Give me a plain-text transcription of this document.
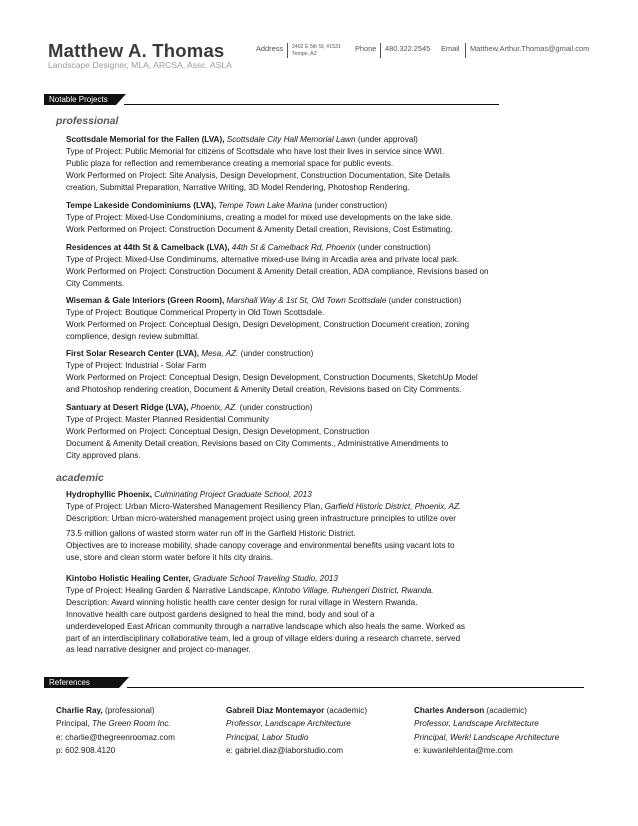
Matthew A. Thomas
Landscape Designer, MLA, ARCSA, Assc. ASLA
Address 2402 E 5th St, #1531
Tempe, AZ
Phone 480.322.2545 Email Matthew.Arthur.Thomas@gmail.com
Notable Projects
professional
Scottsdale Memorial for the Fallen (LVA), Scottsdale City Hall Memorial Lawn (under approval)
Type of Project: Public Memorial for citizens of Scottsdale who have lost their lives in service since WWI.
Public plaza for reflection and rememberance creating a memorial space for public events.
Work Performed on Project: Site Analysis, Design Development, Construction Documentation, Site Details
creation, Submittal Preparation, Narrative Writing, 3D Model Rendering, Photoshop Rendering.
Tempe Lakeside Condominiums (LVA), Tempe Town Lake Marina (under construction)
Type of Project: Mixed-Use Condominiums, creating a model for mixed use developments on the lake side.
Work Performed on Project: Construction Document & Amenity Detail creation, Revisions, Cost Estimating.
Residences at 44th St & Camelback (LVA), 44th St & Camelback Rd, Phoenix (under construction)
Type of Project: Mixed-Use Condiminums, alternative mixed-use living in Arcadia area and private local park.
Work Performed on Project: Construction Document & Amenity Detail creation, ADA compliance, Revisions based on
City Comments.
Wiseman & Gale Interiors (Green Room), Marshall Way & 1st St, Old Town Scottsdale (under construction)
Type of Project: Boutique Commerical Property in Old Town Scottsdale.
Work Performed on Project: Conceptual Design, Design Development, Construction Document creation, zoning
complience, design review submittal.
First Solar Research Center (LVA), Mesa, AZ. (under construction)
Type of Project: Industrial - Solar Farm
Work Performed on Project: Conceptual Design, Design Development, Construction Documents, SketchUp Model
and Photoshop rendering creation, Document & Amenity Detail creation, Revisions based on City Comments.
Santuary at Desert Ridge (LVA), Phoenix, AZ. (under construction)
Type of Project: Master Planned Residential Community
Work Performed on Project: Conceptual Design, Design Development, Construction
Document & Amenity Detail creation, Revisions based on City Comments., Administrative Amendments to
City approved plans.
academic
Hydrophyllic Phoenix, Culminating Project Graduate School, 2013
Type of Project: Urban Micro-Watershed Management Resiliency Plan, Garfield Historic District, Phoenix, AZ.
Description: Urban micro-watershed management project using green infrastructure principles to utilize over
73.5 million gallons of wasted storm water run off in the Garfield Historic District.
Objectives are to increase mobility, shade canopy coverage and environmental benefits using vacant lots to
use, store and clean storm water before it hits city drains.
Kintobo Holistic Healing Center, Graduate School Traveling Studio, 2013
Type of Project: Healing Garden & Narrative Landscape, Kintobo Village, Ruhengeri District, Rwanda.
Description: Award winning holistic health care center design for rural village in Western Rwanda.
Innovative health care outpost gardens designed to heal the mind, body and soul of a
underdeveloped East African community through a narrative landscape which also heals the same. Worked as
part of an interdisciplinary collaborative team, led a group of village elders during a research charrete, served
as lead narrative designer and project co-manager.
References
Charlie Ray, (professional)
Principal, The Green Room Inc.
e: charlie@thegreenroomaz.com
p: 602.908.4120
Gabreil Diaz Montemayor (academic)
Professor, Landscape Architecture
Principal, Labor Studio
e: gabriel.diaz@laborstudio.com
Charles Anderson (academic)
Professor, Landscape Architecture
Principal, Werk! Landscape Architecture
e: kuwanlehlenta@me.com
